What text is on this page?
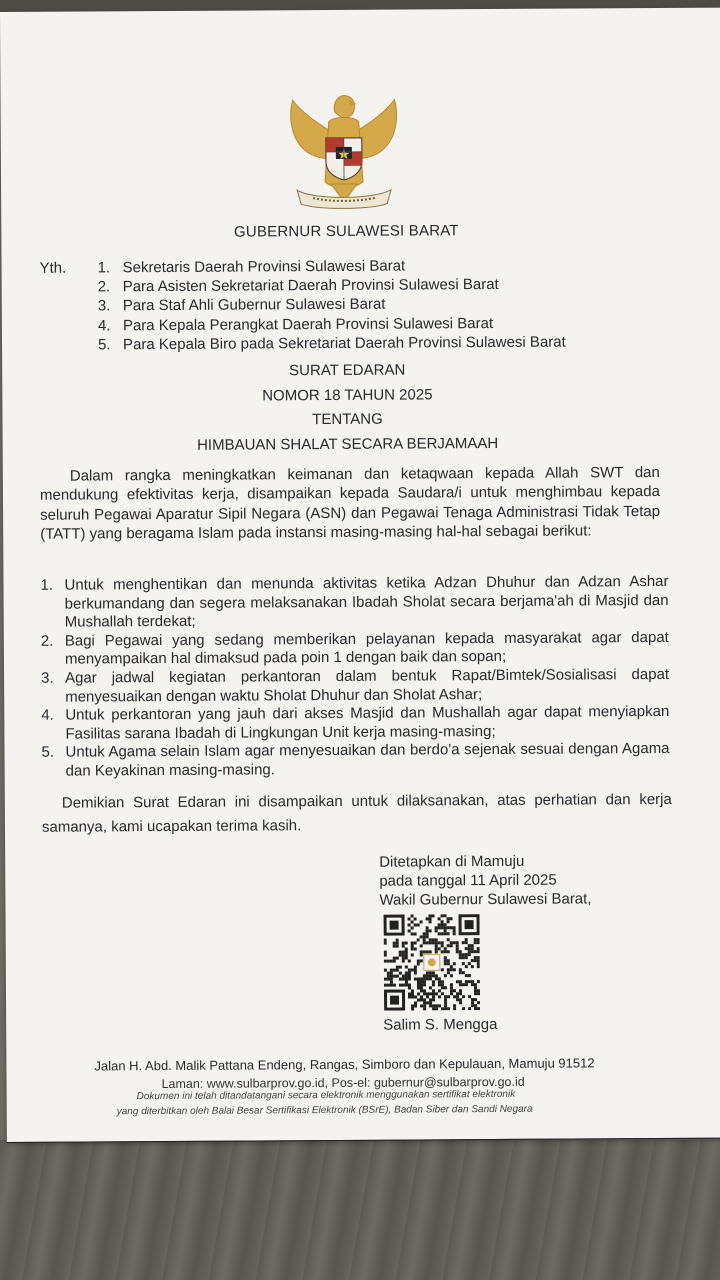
GUBERNUR SULAWESI BARAT
Yth. 1. Sekretaris Daerah Provinsi Sulawesi Barat
2. Para Asisten Sekretariat Daerah Provinsi Sulawesi Barat
3. Para Staf Ahli Gubernur Sulawesi Barat
4. Para Kepala Perangkat Daerah Provinsi Sulawesi Barat
5. Para Kepala Biro pada Sekretariat Daerah Provinsi Sulawesi Barat
SURAT EDARAN
NOMOR 18 TAHUN 2025
TENTANG
HIMBAUAN SHALAT SECARA BERJAMAAH

Dalam rangka meningkatkan keimanan dan ketaqwaan kepada Allah SWT dan mendukung efektivitas kerja, disampaikan kepada Saudara/i untuk menghimbau kepada seluruh Pegawai Aparatur Sipil Negara (ASN) dan Pegawai Tenaga Administrasi Tidak Tetap (TATT) yang beragama Islam pada instansi masing-masing hal-hal sebagai berikut:

1. Untuk menghentikan dan menunda aktivitas ketika Adzan Dhuhur dan Adzan Ashar berkumandang dan segera melaksanakan Ibadah Sholat secara berjama'ah di Masjid dan Mushallah terdekat;
2. Bagi Pegawai yang sedang memberikan pelayanan kepada masyarakat agar dapat menyampaikan hal dimaksud pada poin 1 dengan baik dan sopan;
3. Agar jadwal kegiatan perkantoran dalam bentuk Rapat/Bimtek/Sosialisasi dapat menyesuaikan dengan waktu Sholat Dhuhur dan Sholat Ashar;
4. Untuk perkantoran yang jauh dari akses Masjid dan Mushallah agar dapat menyiapkan Fasilitas sarana Ibadah di Lingkungan Unit kerja masing-masing;
5. Untuk Agama selain Islam agar menyesuaikan dan berdo'a sejenak sesuai dengan Agama dan Keyakinan masing-masing.

Demikian Surat Edaran ini disampaikan untuk dilaksanakan, atas perhatian dan kerja samanya, kami ucapakan terima kasih.

Ditetapkan di Mamuju
pada tanggal 11 April 2025
Wakil Gubernur Sulawesi Barat,
Salim S. Mengga
Jalan H. Abd. Malik Pattana Endeng, Rangas, Simboro dan Kepulauan, Mamuju 91512
Laman: www.sulbarprov.go.id, Pos-el: gubernur@sulbarprov.go.id
Dokumen ini telah ditandatangani secara elektronik menggunakan sertifikat elektronik
yang diterbitkan oleh Balai Besar Sertifikasi Elektronik (BSrE), Badan Siber dan Sandi Negara
